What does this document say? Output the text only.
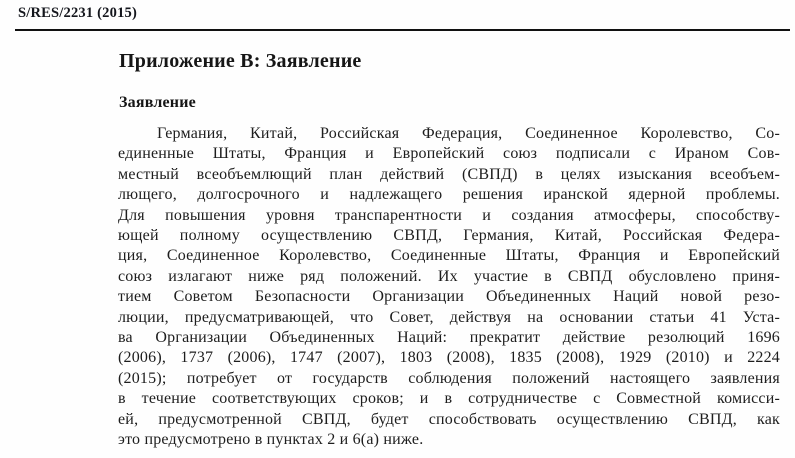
S/RES/2231 (2015)
Приложение B: Заявление
Заявление
Германия, Китай, Российская Федерация, Соединенное Королевство, Со-
единенные Штаты, Франция и Европейский союз подписали с Ираном Сов-
местный всеобъемлющий план действий (СВПД) в целях изыскания всеобъем-
лющего, долгосрочного и надлежащего решения иранской ядерной проблемы.
Для повышения уровня транспарентности и создания атмосферы, способству-
ющей полному осуществлению СВПД, Германия, Китай, Российская Федера-
ция, Соединенное Королевство, Соединенные Штаты, Франция и Европейский
союз излагают ниже ряд положений. Их участие в СВПД обусловлено приня-
тием Советом Безопасности Организации Объединенных Наций новой резо-
люции, предусматривающей, что Совет, действуя на основании статьи 41 Уста-
ва Организации Объединенных Наций: прекратит действие резолюций 1696
(2006), 1737 (2006), 1747 (2007), 1803 (2008), 1835 (2008), 1929 (2010) и 2224
(2015); потребует от государств соблюдения положений настоящего заявления
в течение соответствующих сроков; и в сотрудничестве с Совместной комисси-
ей, предусмотренной СВПД, будет способствовать осуществлению СВПД, как
это предусмотрено в пунктах 2 и 6(a) ниже.
